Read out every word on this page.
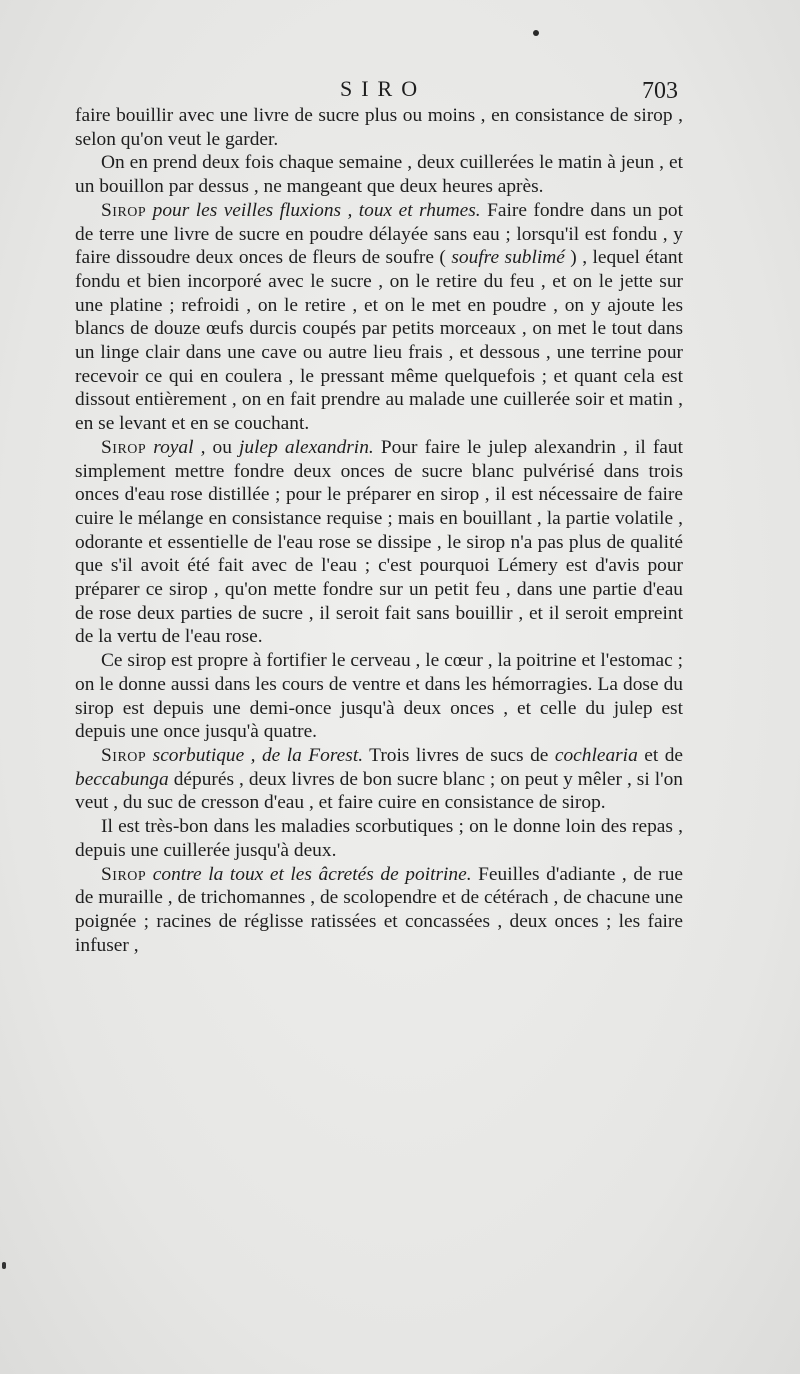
SIRO	703

faire bouillir avec une livre de sucre plus ou moins , en consistance de sirop , selon qu'on veut le garder.

On en prend deux fois chaque semaine , deux cuillerées le matin à jeun , et un bouillon par dessus , ne mangeant que deux heures après.

Sirop pour les veilles fluxions , toux et rhumes. Faire fondre dans un pot de terre une livre de sucre en poudre délayée sans eau ; lorsqu'il est fondu , y faire dissoudre deux onces de fleurs de soufre ( soufre sublimé ) , lequel étant fondu et bien incorporé avec le sucre , on le retire du feu , et on le jette sur une platine ; refroidi , on le retire , et on le met en poudre , on y ajoute les blancs de douze œufs durcis coupés par petits morceaux , on met le tout dans un linge clair dans une cave ou autre lieu frais , et dessous , une terrine pour recevoir ce qui en coulera , le pressant même quelquefois ; et quant cela est dissout entièrement , on en fait prendre au malade une cuillerée soir et matin , en se levant et en se couchant.

Sirop royal , ou julep alexandrin. Pour faire le julep alexandrin , il faut simplement mettre fondre deux onces de sucre blanc pulvérisé dans trois onces d'eau rose distillée ; pour le préparer en sirop , il est nécessaire de faire cuire le mélange en consistance requise ; mais en bouillant , la partie volatile , odorante et essentielle de l'eau rose se dissipe , le sirop n'a pas plus de qualité que s'il avoit été fait avec de l'eau ; c'est pourquoi Lémery est d'avis pour préparer ce sirop , qu'on mette fondre sur un petit feu , dans une partie d'eau de rose deux parties de sucre , il seroit fait sans bouillir , et il seroit empreint de la vertu de l'eau rose.

Ce sirop est propre à fortifier le cerveau , le cœur , la poitrine et l'estomac ; on le donne aussi dans les cours de ventre et dans les hémorragies. La dose du sirop est depuis une demi-once jusqu'à deux onces , et celle du julep est depuis une once jusqu'à quatre.

Sirop scorbutique , de la Forest. Trois livres de sucs de cochlearia et de beccabunga dépurés , deux livres de bon sucre blanc ; on peut y mêler , si l'on veut , du suc de cresson d'eau , et faire cuire en consistance de sirop.

Il est très-bon dans les maladies scorbutiques ; on le donne loin des repas , depuis une cuillerée jusqu'à deux.

Sirop contre la toux et les âcretés de poitrine. Feuilles d'adiante , de rue de muraille , de trichomannes , de scolopendre et de cétérach , de chacune une poignée ; racines de réglisse ratissées et concassées , deux onces ; les faire infuser ,
